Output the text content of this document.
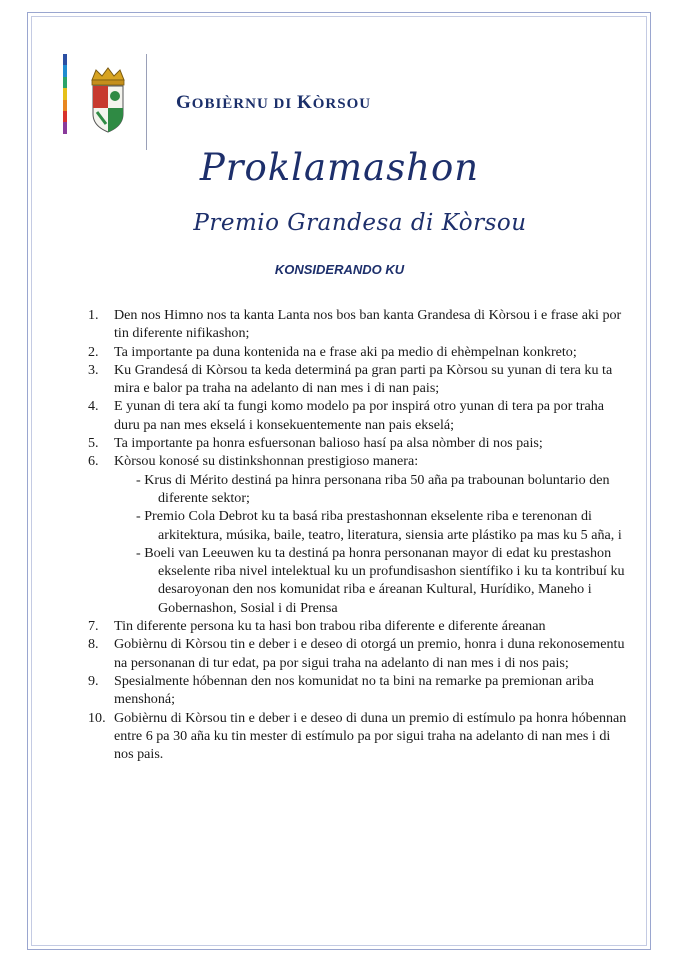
GOBIÈRNU DI KÒRSOU
Proklamashon
Premio Grandesa di Kòrsou
KONSIDERANDO KU
1.	Den nos Himno nos ta kanta Lanta nos bos ban kanta Grandesa di Kòrsou i e frase aki por tin diferente nifikashon;
2.	Ta importante pa duna kontenida na e frase aki pa medio di ehèmpelnan konkreto;
3.	Ku Grandesá di Kòrsou ta keda determiná pa gran parti pa Kòrsou su yunan di tera ku ta mira e balor pa traha na adelanto di nan mes i di nan pais;
4.	E yunan di tera akí ta fungi komo modelo pa por inspirá otro yunan di tera pa por traha duru pa nan mes ekselá i konsekuentemente nan pais ekselá;
5.	Ta importante pa honra esfuersonan balioso hasí pa alsa nòmber di nos pais;
6.	Kòrsou konosé su distinkshonnan prestigioso manera:
- Krus di Mérito destiná pa hinra personana riba 50 aña pa trabounan boluntario den diferente sektor;
- Premio Cola Debrot ku ta basá riba prestashonnan ekselente riba e terenonan di arkitektura, músika, baile, teatro, literatura, siensia arte plástiko pa mas ku 5 aña, i
- Boeli van Leeuwen ku ta destiná pa honra personanan mayor di edat ku prestashon ekselente riba nivel intelektual ku un profundisashon sientífiko i ku ta kontribuí ku desaroyonan den nos komunidat riba e áreanan Kultural, Hurídiko, Maneho i Gobernashon, Sosial i di Prensa
7.	Tin diferente persona ku ta hasi bon trabou riba diferente e diferente áreanan
8.	Gobièrnu di Kòrsou tin e deber i e deseo di otorgá un premio, honra i duna rekonosementu na personanan di tur edat, pa por sigui traha na adelanto di nan mes i di nos pais;
9.	Spesialmente hóbennan den nos komunidat no ta bini na remarke pa premionan ariba menshoná;
10. Gobièrnu di Kòrsou tin e deber i e deseo di duna un premio di estímulo pa honra hóbennan entre 6 pa 30 aña ku tin mester di estímulo pa por sigui traha na adelanto di nan mes i di nos pais.
